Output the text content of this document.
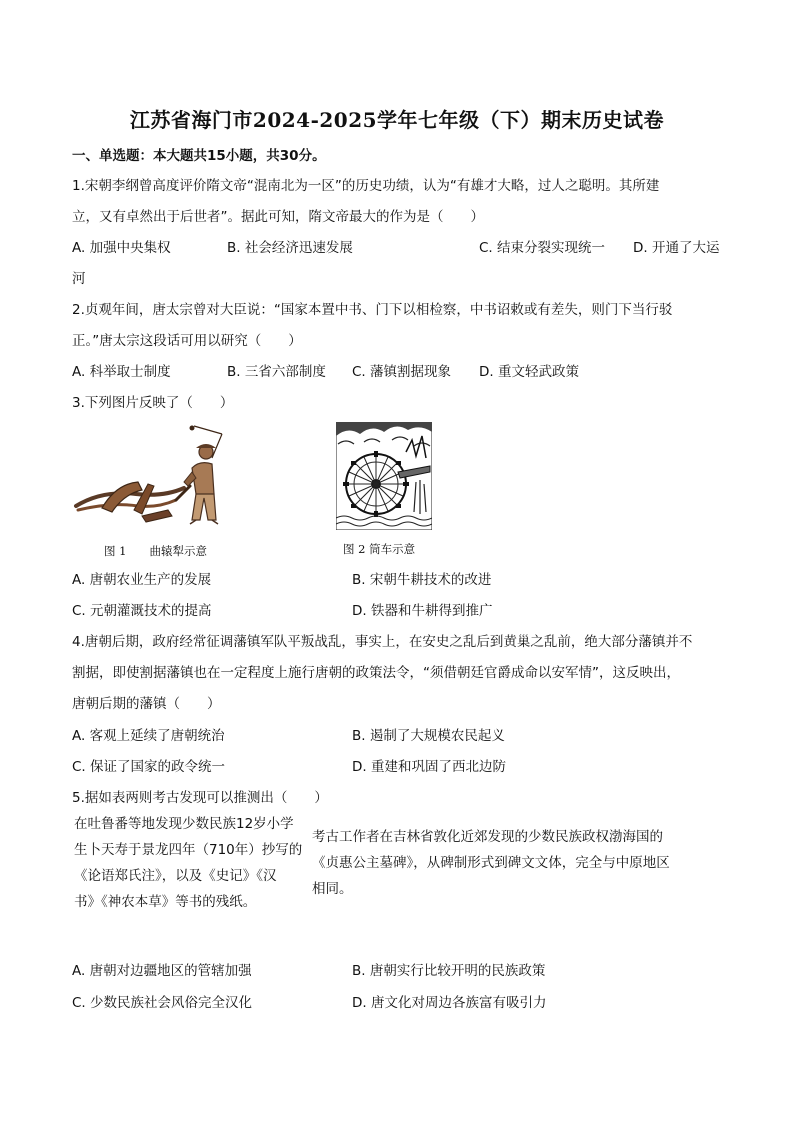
江苏省海门市2024-2025学年七年级（下）期末历史试卷
一、单选题：本大题共15小题，共30分。
1.宋朝李纲曾高度评价隋文帝“混南北为一区”的历史功绩，认为“有雄才大略，过人之聪明。其所建
立，又有卓然出于后世者”。据此可知，隋文帝最大的作为是（　　）
A. 加强中央集权	B. 社会经济迅速发展	C. 结束分裂实现统一 D. 开通了大运
河
2.贞观年间，唐太宗曾对大臣说：“国家本置中书、门下以相检察，中书诏敕或有差失，则门下当行驳
正。”唐太宗这段话可用以研究（　　）
A. 科举取士制度	B. 三省六部制度 C. 藩镇割据现象 D. 重文轻武政策
3.下列图片反映了（　　）
图 1　　曲辕犁示意	图 2 筒车示意
A. 唐朝农业生产的发展	B. 宋朝牛耕技术的改进
C. 元朝灌溉技术的提高	D. 铁器和牛耕得到推广
4.唐朝后期，政府经常征调藩镇军队平叛战乱，事实上，在安史之乱后到黄巢之乱前，绝大部分藩镇并不
割据，即使割据藩镇也在一定程度上施行唐朝的政策法令，“须借朝廷官爵成命以安军情”，这反映出，
唐朝后期的藩镇（　　）
A. 客观上延续了唐朝统治	B. 遏制了大规模农民起义
C. 保证了国家的政令统一	D. 重建和巩固了西北边防
5.据如表两则考古发现可以推测出（　　）
在吐鲁番等地发现少数民族12岁小学
生卜天寿于景龙四年（710年）抄写的
《论语郑氏注》，以及《史记》《汉
书》《神农本草》等书的残纸。
考古工作者在吉林省敦化近郊发现的少数民族政权渤海国的
《贞惠公主墓碑》，从碑制形式到碑文文体，完全与中原地区
相同。
A. 唐朝对边疆地区的管辖加强	B. 唐朝实行比较开明的民族政策
C. 少数民族社会风俗完全汉化	D. 唐文化对周边各族富有吸引力
